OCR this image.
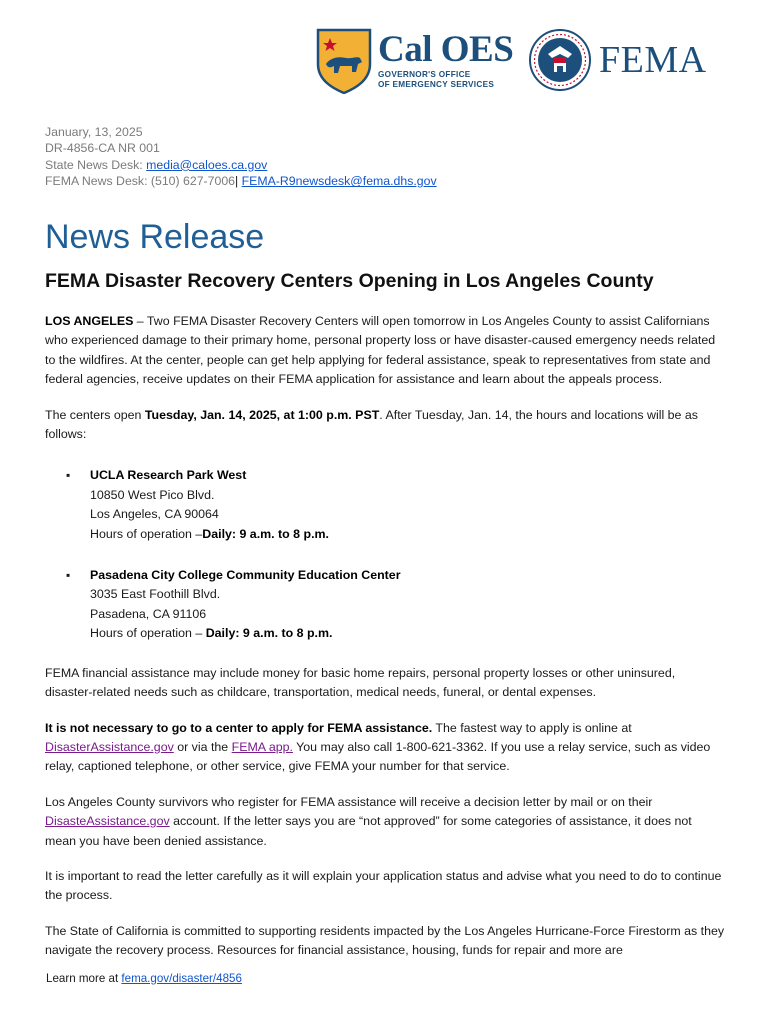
Cal OES
GOVERNOR'S OFFICE
OF EMERGENCY SERVICES
FEMA
January, 13, 2025
DR-4856-CA NR 001
State News Desk: media@caloes.ca.gov
FEMA News Desk: (510) 627-7006| FEMA-R9newsdesk@fema.dhs.gov
News Release
FEMA Disaster Recovery Centers Opening in Los Angeles County

LOS ANGELES – Two FEMA Disaster Recovery Centers will open tomorrow in Los Angeles County to assist Californians who experienced damage to their primary home, personal property loss or have disaster-caused emergency needs related to the wildfires. At the center, people can get help applying for federal assistance, speak to representatives from state and federal agencies, receive updates on their FEMA application for assistance and learn about the appeals process.

The centers open Tuesday, Jan. 14, 2025, at 1:00 p.m. PST. After Tuesday, Jan. 14, the hours and locations will be as follows:

▪ UCLA Research Park West
10850 West Pico Blvd.
Los Angeles, CA 90064
Hours of operation –Daily: 9 a.m. to 8 p.m.
▪ Pasadena City College Community Education Center
3035 East Foothill Blvd.
Pasadena, CA 91106
Hours of operation – Daily: 9 a.m. to 8 p.m.

FEMA financial assistance may include money for basic home repairs, personal property losses or other uninsured, disaster-related needs such as childcare, transportation, medical needs, funeral, or dental expenses.

It is not necessary to go to a center to apply for FEMA assistance. The fastest way to apply is online at DisasterAssistance.gov or via the FEMA app. You may also call 1-800-621-3362. If you use a relay service, such as video relay, captioned telephone, or other service, give FEMA your number for that service.

Los Angeles County survivors who register for FEMA assistance will receive a decision letter by mail or on their DisasteAssistance.gov account. If the letter says you are “not approved” for some categories of assistance, it does not mean you have been denied assistance.

It is important to read the letter carefully as it will explain your application status and advise what you need to do to continue the process.

The State of California is committed to supporting residents impacted by the Los Angeles Hurricane-Force Firestorm as they navigate the recovery process. Resources for financial assistance, housing, funds for repair and more are

Learn more at fema.gov/disaster/4856
